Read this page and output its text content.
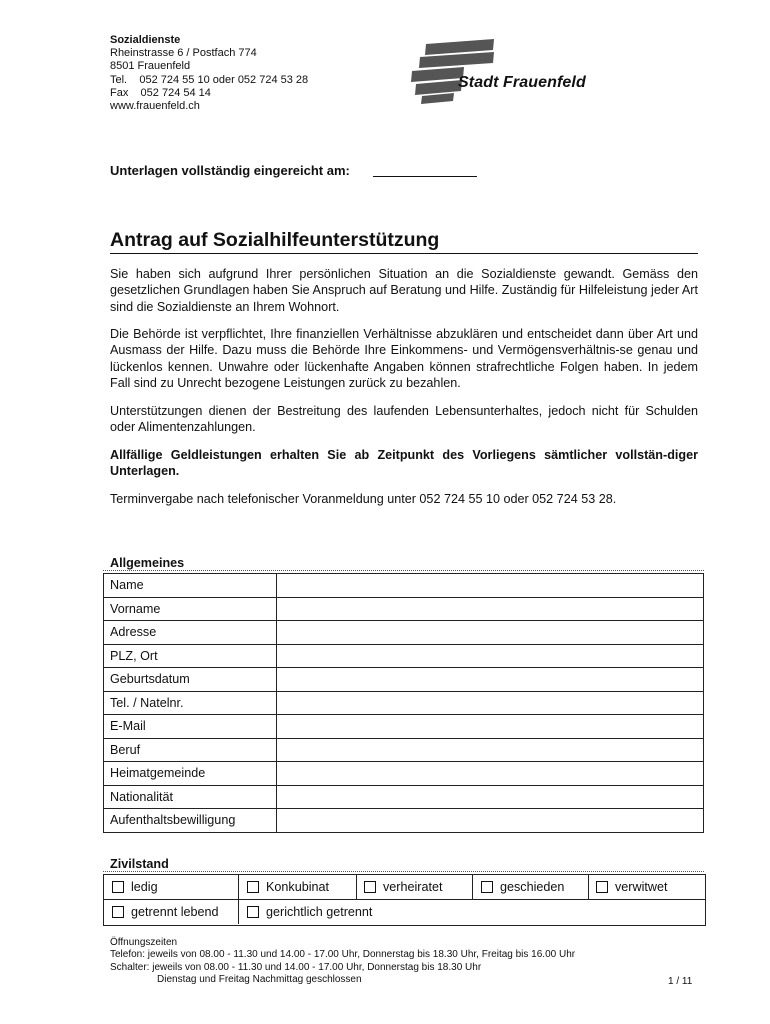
Sozialdienste
Rheinstrasse 6 / Postfach 774
8501 Frauenfeld
Tel.    052 724 55 10 oder 052 724 53 28
Fax    052 724 54 14
www.frauenfeld.ch
Stadt Frauenfeld
Unterlagen vollständig eingereicht am:
Antrag auf Sozialhilfeunterstützung
Sie haben sich aufgrund Ihrer persönlichen Situation an die Sozialdienste gewandt. Gemäss den gesetzlichen Grundlagen haben Sie Anspruch auf Beratung und Hilfe. Zuständig für Hilfeleistung jeder Art sind die Sozialdienste an Ihrem Wohnort.
Die Behörde ist verpflichtet, Ihre finanziellen Verhältnisse abzuklären und entscheidet dann über Art und Ausmass der Hilfe. Dazu muss die Behörde Ihre Einkommens- und Vermögensverhältnis-se genau und lückenlos kennen. Unwahre oder lückenhafte Angaben können strafrechtliche Folgen haben. In jedem Fall sind zu Unrecht bezogene Leistungen zurück zu bezahlen.
Unterstützungen dienen der Bestreitung des laufenden Lebensunterhaltes, jedoch nicht für Schulden oder Alimentenzahlungen.
Allfällige Geldleistungen erhalten Sie ab Zeitpunkt des Vorliegens sämtlicher vollstän-diger Unterlagen.
Terminvergabe nach telefonischer Voranmeldung unter 052 724 55 10 oder 052 724 53 28.
Allgemeines
Name	
Vorname	
Adresse	
PLZ, Ort	
Geburtsdatum	
Tel. / Natelnr.	
E-Mail	
Beruf	
Heimatgemeinde	
Nationalität	
Aufenthaltsbewilligung	
Zivilstand
ledig	Konkubinat	verheiratet	geschieden	verwitwet
getrennt lebend	gerichtlich getrennt
Öffnungszeiten
Telefon: jeweils von 08.00 - 11.30 und 14.00 - 17.00 Uhr, Donnerstag bis 18.30 Uhr, Freitag bis 16.00 Uhr
Schalter: jeweils von 08.00 - 11.30 und 14.00 - 17.00 Uhr, Donnerstag bis 18.30 Uhr
Dienstag und Freitag Nachmittag geschlossen	1 / 11
